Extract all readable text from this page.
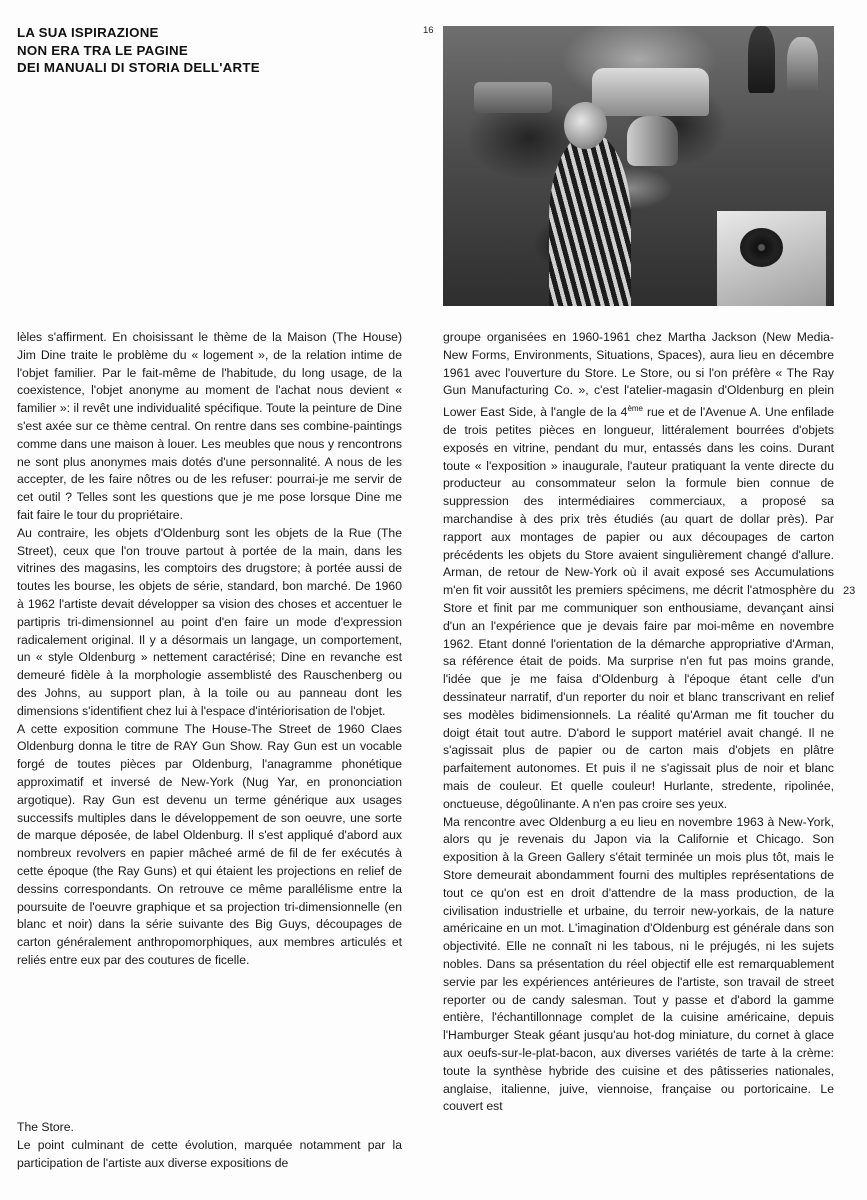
LA SUA ISPIRAZIONE
NON ERA TRA LE PAGINE
DEI MANUALI DI STORIA DELL'ARTE
16

lèles s'affirment. En choisissant le thème de la Maison (The House) Jim Dine traite le problème du « logement », de la relation intime de l'objet familier. Par le fait-même de l'habitude, du long usage, de la coexistence, l'objet anonyme au moment de l'achat nous devient « familier »: il revêt une individualité spécifique. Toute la peinture de Dine s'est axée sur ce thème central. On rentre dans ses combine-paintings comme dans une maison à louer. Les meubles que nous y rencontrons ne sont plus anonymes mais dotés d'une personnalité. A nous de les accepter, de les faire nôtres ou de les refuser: pourrai-je me servir de cet outil ? Telles sont les questions que je me pose lorsque Dine me fait faire le tour du propriétaire.

Au contraire, les objets d'Oldenburg sont les objets de la Rue (The Street), ceux que l'on trouve partout à portée de la main, dans les vitrines des magasins, les comptoirs des drugstore; à portée aussi de toutes les bourse, les objets de série, standard, bon marché. De 1960 à 1962 l'artiste devait développer sa vision des choses et accentuer le partipris tri-dimensionnel au point d'en faire un mode d'expression radicalement original. Il y a désormais un langage, un comportement, un « style Oldenburg » nettement caractérisé; Dine en revanche est demeuré fidèle à la morphologie assemblisté des Rauschenberg ou des Johns, au support plan, à la toile ou au panneau dont les dimensions s'identifient chez lui à l'espace d'intériorisation de l'objet.

A cette exposition commune The House-The Street de 1960 Claes Oldenburg donna le titre de RAY Gun Show. Ray Gun est un vocable forgé de toutes pièces par Oldenburg, l'anagramme phonétique approximatif et inversé de New-York (Nug Yar, en prononciation argotique). Ray Gun est devenu un terme générique aux usages successifs multiples dans le développement de son oeuvre, une sorte de marque déposée, de label Oldenburg. Il s'est appliqué d'abord aux nombreux revolvers en papier mâcheé armé de fil de fer exécutés à cette époque (the Ray Guns) et qui étaient les projections en relief de dessins correspondants. On retrouve ce même parallélisme entre la poursuite de l'oeuvre graphique et sa projection tri-dimensionnelle (en blanc et noir) dans la série suivante des Big Guys, découpages de carton généralement anthropomorphiques, aux membres articulés et reliés entre eux par des coutures de ficelle.

The Store.

Le point culminant de cette évolution, marquée notamment par la participation de l'artiste aux diverse expositions de

groupe organisées en 1960-1961 chez Martha Jackson (New Media-New Forms, Environments, Situations, Spaces), aura lieu en décembre 1961 avec l'ouverture du Store. Le Store, ou si l'on préfère « The Ray Gun Manufacturing Co. », c'est l'atelier-magasin d'Oldenburg en plein Lower East Side, à l'angle de la 4ème rue et de l'Avenue A. Une enfilade de trois petites pièces en longueur, littéralement bourrées d'objets exposés en vitrine, pendant du mur, entassés dans les coins. Durant toute « l'exposition » inaugurale, l'auteur pratiquant la vente directe du producteur au consommateur selon la formule bien connue de suppression des intermédiaires commerciaux, a proposé sa marchandise à des prix très étudiés (au quart de dollar près). Par rapport aux montages de papier ou aux découpages de carton précédents les objets du Store avaient singulièrement changé d'allure. Arman, de retour de New-York où il avait exposé ses Accumulations m'en fit voir aussitôt les premiers spécimens, me décrit l'atmosphère du Store et finit par me communiquer son enthousiame, devançant ainsi d'un an l'expérience que je devais faire par moi-même en novembre 1962. Etant donné l'orientation de la démarche appropriative d'Arman, sa référence était de poids. Ma surprise n'en fut pas moins grande, l'idée que je me faisa d'Oldenburg à l'époque étant celle d'un dessinateur narratif, d'un reporter du noir et blanc transcrivant en relief ses modèles bidimensionnels. La réalité qu'Arman me fit toucher du doigt était tout autre. D'abord le support matériel avait changé. Il ne s'agissait plus de papier ou de carton mais d'objets en plâtre parfaitement autonomes. Et puis il ne s'agissait plus de noir et blanc mais de couleur. Et quelle couleur! Hurlante, stredente, ripolinée, onctueuse, dégoûlinante. A n'en pas croire ses yeux.

Ma rencontre avec Oldenburg a eu lieu en novembre 1963 à New-York, alors qu je revenais du Japon via la Californie et Chicago. Son exposition à la Green Gallery s'était terminée un mois plus tôt, mais le Store demeurait abondamment fourni des multiples représentations de tout ce qu'on est en droit d'attendre de la mass production, de la civilisation industrielle et urbaine, du terroir new-yorkais, de la nature américaine en un mot. L'imagination d'Oldenburg est générale dans son objectivité. Elle ne connaît ni les tabous, ni le préjugés, ni les sujets nobles. Dans sa présentation du réel objectif elle est remarquablement servie par les expériences antérieures de l'artiste, son travail de street reporter ou de candy salesman. Tout y passe et d'abord la gamme entière, l'échantillonnage complet de la cuisine américaine, depuis l'Hamburger Steak géant jusqu'au hot-dog miniature, du cornet à glace aux oeufs-sur-le-plat-bacon, aux diverses variétés de tarte à la crème: toute la synthèse hybride des cuisine et des pâtisseries nationales, anglaise, italienne, juive, viennoise, française ou portoricaine. Le couvert est

23
